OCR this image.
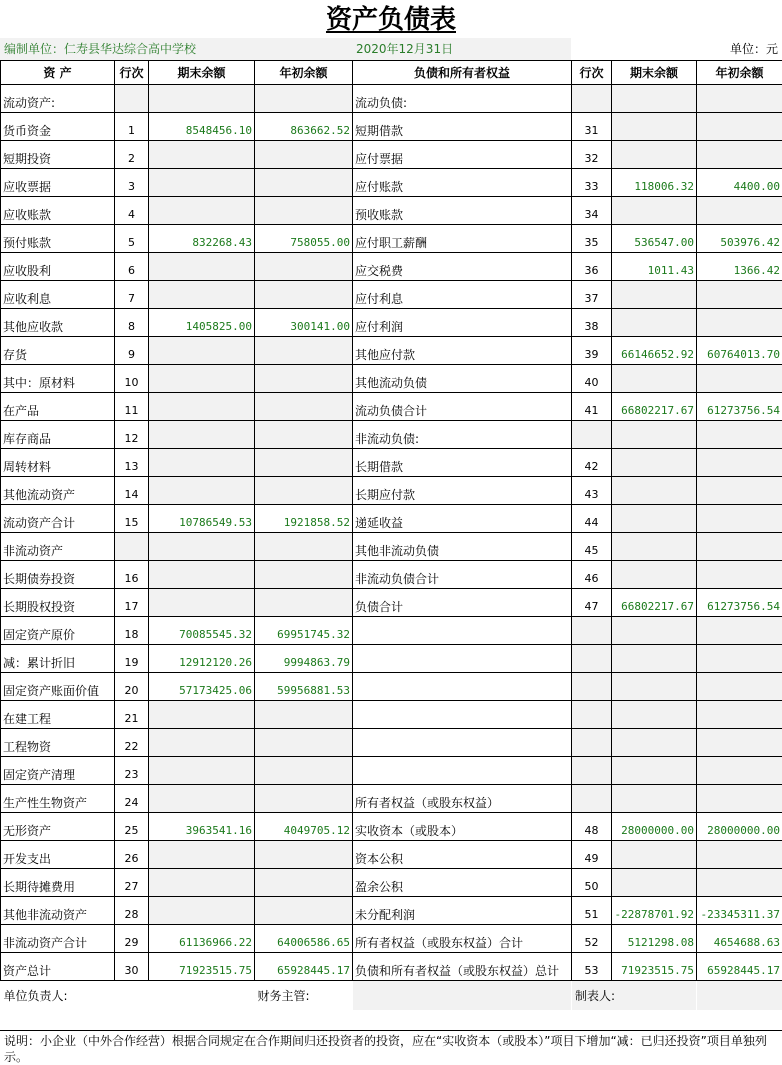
资产负债表
编制单位：仁寿县华达综合高中学校	2020年12月31日	单位：元
资 产	行次	期末余额	年初余额	负债和所有者权益	行次	期末余额	年初余额
流动资产:				流动负债:			
货币资金	1	8548456.10	863662.52	短期借款	31		
短期投资	2			应付票据	32		
应收票据	3			应付账款	33	118006.32	4400.00
应收账款	4			预收账款	34		
预付账款	5	832268.43	758055.00	应付职工薪酬	35	536547.00	503976.42
应收股利	6			应交税费	36	1011.43	1366.42
应收利息	7			应付利息	37		
其他应收款	8	1405825.00	300141.00	应付利润	38		
存货	9			其他应付款	39	66146652.92	60764013.70
其中：原材料	10			其他流动负债	40		
在产品	11			流动负债合计	41	66802217.67	61273756.54
库存商品	12			非流动负债:			
周转材料	13			长期借款	42		
其他流动资产	14			长期应付款	43		
流动资产合计	15	10786549.53	1921858.52	递延收益	44		
非流动资产				其他非流动负债	45		
长期债券投资	16			非流动负债合计	46		
长期股权投资	17			负债合计	47	66802217.67	61273756.54
固定资产原价	18	70085545.32	69951745.32				
减：累计折旧	19	12912120.26	9994863.79				
固定资产账面价值	20	57173425.06	59956881.53				
在建工程	21						
工程物资	22						
固定资产清理	23						
生产性生物资产	24			所有者权益（或股东权益）			
无形资产	25	3963541.16	4049705.12	实收资本（或股本）	48	28000000.00	28000000.00
开发支出	26			资本公积	49		
长期待摊费用	27			盈余公积	50		
其他非流动资产	28			未分配利润	51	-22878701.92	-23345311.37
非流动资产合计	29	61136966.22	64006586.65	所有者权益（或股东权益）合计	52	5121298.08	4654688.63
资产总计	30	71923515.75	65928445.17	负债和所有者权益（或股东权益）总计	53	71923515.75	65928445.17
单位负责人:			财务主管:		制表人:		
说明：小企业（中外合作经营）根据合同规定在合作期间归还投资者的投资，应在“实收资本（或股本）”项目下增加“减：已归还投资”项目单独列示。
